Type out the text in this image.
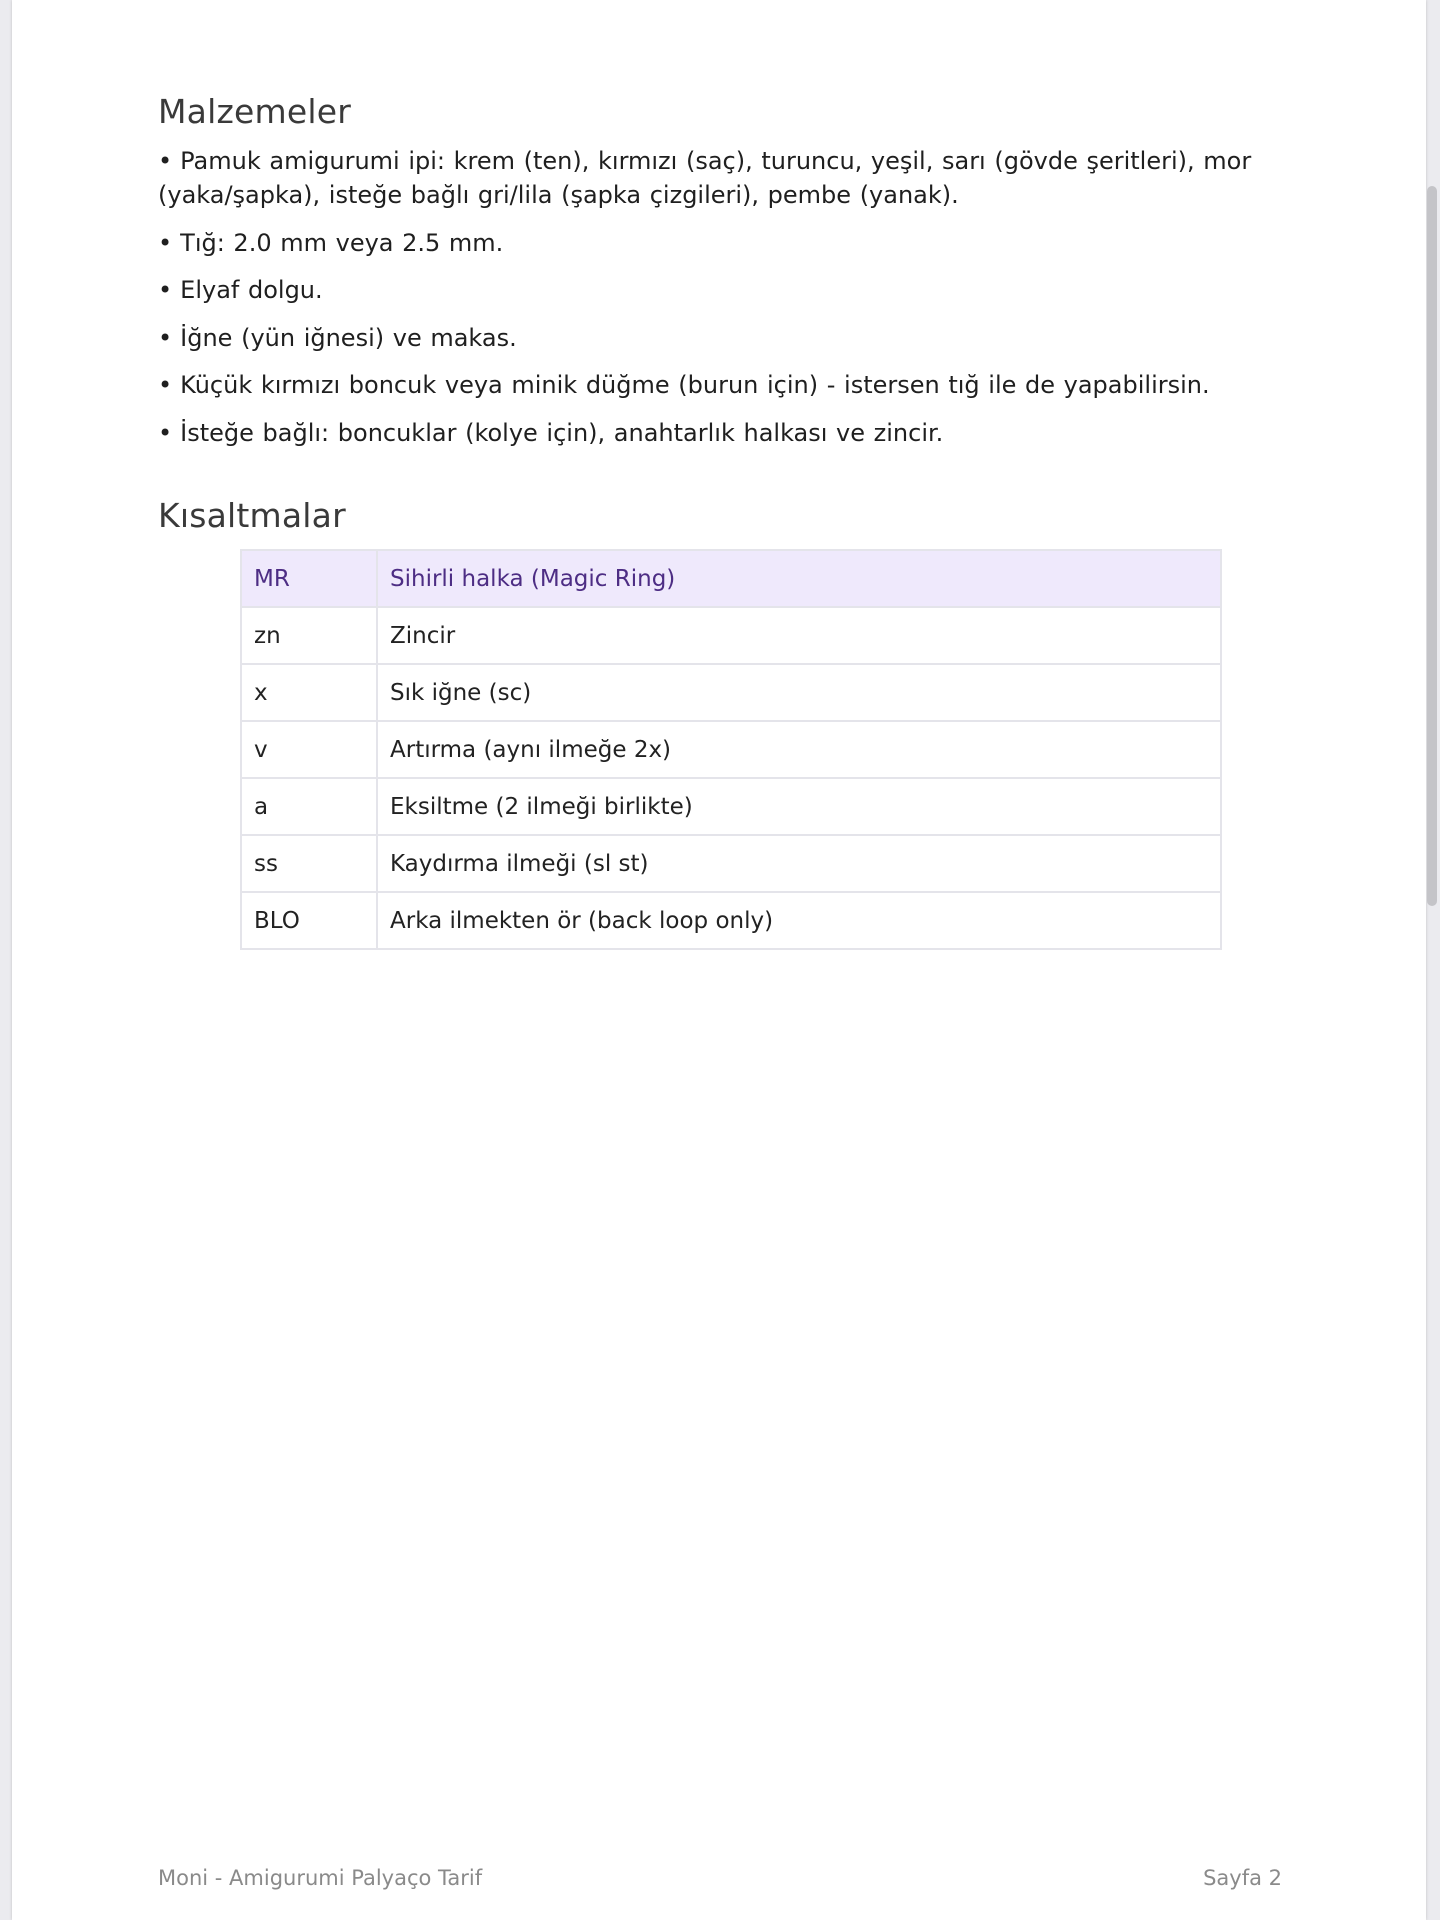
Malzemeler
• Pamuk amigurumi ipi: krem (ten), kırmızı (saç), turuncu, yeşil, sarı (gövde şeritleri), mor (yaka/şapka), isteğe bağlı gri/lila (şapka çizgileri), pembe (yanak).
• Tığ: 2.0 mm veya 2.5 mm.
• Elyaf dolgu.
• İğne (yün iğnesi) ve makas.
• Küçük kırmızı boncuk veya minik düğme (burun için) - istersen tığ ile de yapabilirsin.
• İsteğe bağlı: boncuklar (kolye için), anahtarlık halkası ve zincir.
Kısaltmalar
MR	Sihirli halka (Magic Ring)
zn	Zincir
x	Sık iğne (sc)
v	Artırma (aynı ilmeğe 2x)
a	Eksiltme (2 ilmeği birlikte)
ss	Kaydırma ilmeği (sl st)
BLO	Arka ilmekten ör (back loop only)
Moni - Amigurumi Palyaço Tarif	Sayfa 2
